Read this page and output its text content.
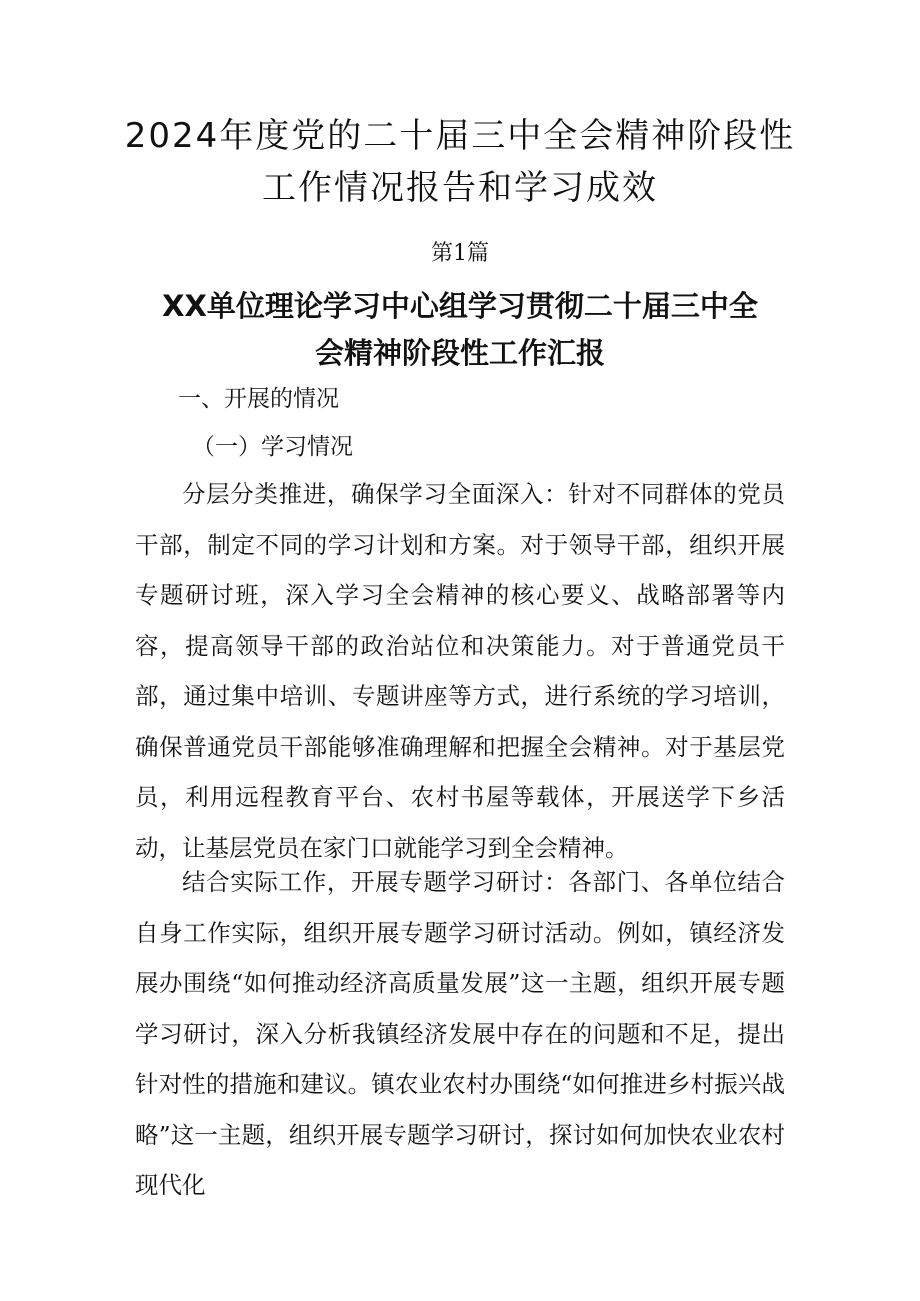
2024年度党的二十届三中全会精神阶段性
工作情况报告和学习成效
第1篇
XX单位理论学习中心组学习贯彻二十届三中全
会精神阶段性工作汇报
一、开展的情况
（一）学习情况

分层分类推进，确保学习全面深入：针对不同群体的党员干部，制定不同的学习计划和方案。对于领导干部，组织开展专题研讨班，深入学习全会精神的核心要义、战略部署等内容，提高领导干部的政治站位和决策能力。对于普通党员干部，通过集中培训、专题讲座等方式，进行系统的学习培训，确保普通党员干部能够准确理解和把握全会精神。对于基层党员，利用远程教育平台、农村书屋等载体，开展送学下乡活动，让基层党员在家门口就能学习到全会精神。

结合实际工作，开展专题学习研讨：各部门、各单位结合自身工作实际，组织开展专题学习研讨活动。例如，镇经济发展办围绕“如何推动经济高质量发展”这一主题，组织开展专题学习研讨，深入分析我镇经济发展中存在的问题和不足，提出针对性的措施和建议。镇农业农村办围绕“如何推进乡村振兴战略”这一主题，组织开展专题学习研讨，探讨如何加快农业农村现代化
